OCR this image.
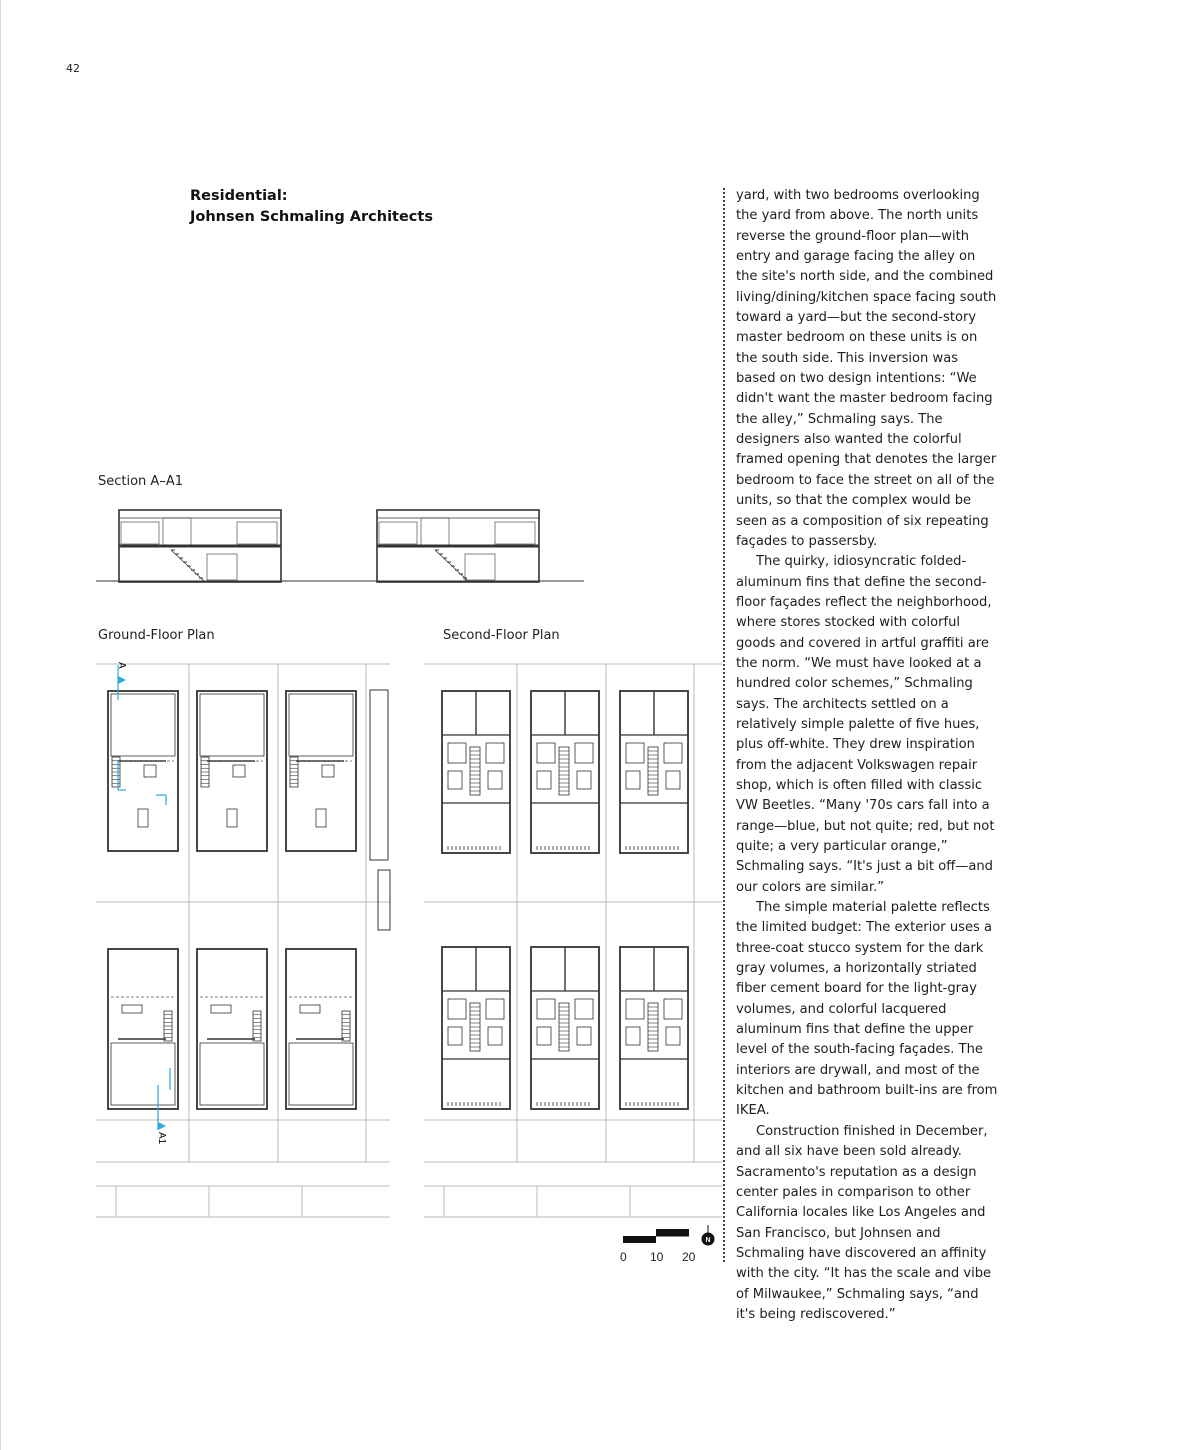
42
Residential:
Johnsen Schmaling Architects
Section A–A1
Ground-Floor Plan	Second-Floor Plan
A
A1
0 10 20
N

yard, with two bedrooms overlooking the yard from above. The north units reverse the ground-floor plan—with entry and garage facing the alley on the site's north side, and the combined living/dining/kitchen space facing south toward a yard—but the second-story master bedroom on these units is on the south side. This inversion was based on two design intentions: “We didn't want the master bedroom facing the alley,” Schmaling says. The designers also wanted the colorful framed opening that denotes the larger bedroom to face the street on all of the units, so that the complex would be seen as a composition of six repeating façades to passersby.

The quirky, idiosyncratic folded-aluminum fins that define the second-floor façades reflect the neighborhood, where stores stocked with colorful goods and covered in artful graffiti are the norm. “We must have looked at a hundred color schemes,” Schmaling says. The architects settled on a relatively simple palette of five hues, plus off-white. They drew inspiration from the adjacent Volkswagen repair shop, which is often filled with classic VW Beetles. “Many '70s cars fall into a range—blue, but not quite; red, but not quite; a very particular orange,” Schmaling says. “It's just a bit off—and our colors are similar.”

The simple material palette reflects the limited budget: The exterior uses a three-coat stucco system for the dark gray volumes, a horizontally striated fiber cement board for the light-gray volumes, and colorful lacquered aluminum fins that define the upper level of the south-facing façades. The interiors are drywall, and most of the kitchen and bathroom built-ins are from IKEA.

Construction finished in December, and all six have been sold already. Sacramento's reputation as a design center pales in comparison to other California locales like Los Angeles and San Francisco, but Johnsen and Schmaling have discovered an affinity with the city. “It has the scale and vibe of Milwaukee,” Schmaling says, “and it's being rediscovered.”
